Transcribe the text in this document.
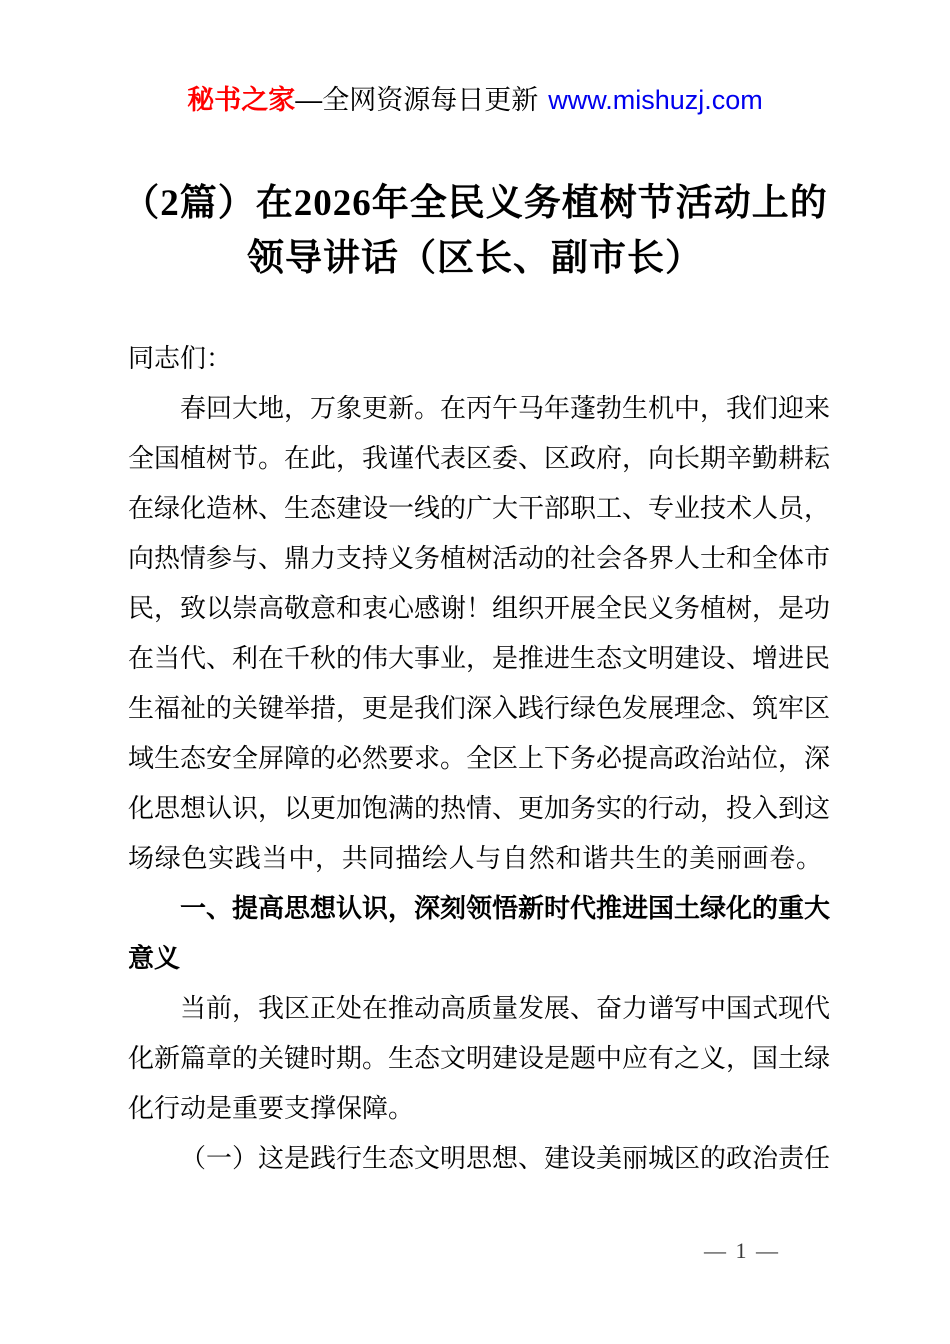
秘书之家—全网资源每日更新 www.mishuzj.com
（2篇）在2026年全民义务植树节活动上的
领导讲话（区长、副市长）
同志们：
春回大地，万象更新。在丙午马年蓬勃生机中，我们迎来
全国植树节。在此，我谨代表区委、区政府，向长期辛勤耕耘
在绿化造林、生态建设一线的广大干部职工、专业技术人员，
向热情参与、鼎力支持义务植树活动的社会各界人士和全体市
民，致以崇高敬意和衷心感谢！组织开展全民义务植树，是功
在当代、利在千秋的伟大事业，是推进生态文明建设、增进民
生福祉的关键举措，更是我们深入践行绿色发展理念、筑牢区
域生态安全屏障的必然要求。全区上下务必提高政治站位，深
化思想认识，以更加饱满的热情、更加务实的行动，投入到这
场绿色实践当中，共同描绘人与自然和谐共生的美丽画卷。
一、提高思想认识，深刻领悟新时代推进国土绿化的重大
意义
当前，我区正处在推动高质量发展、奋力谱写中国式现代
化新篇章的关键时期。生态文明建设是题中应有之义，国土绿
化行动是重要支撑保障。
（一）这是践行生态文明思想、建设美丽城区的政治责任
— 1 —
